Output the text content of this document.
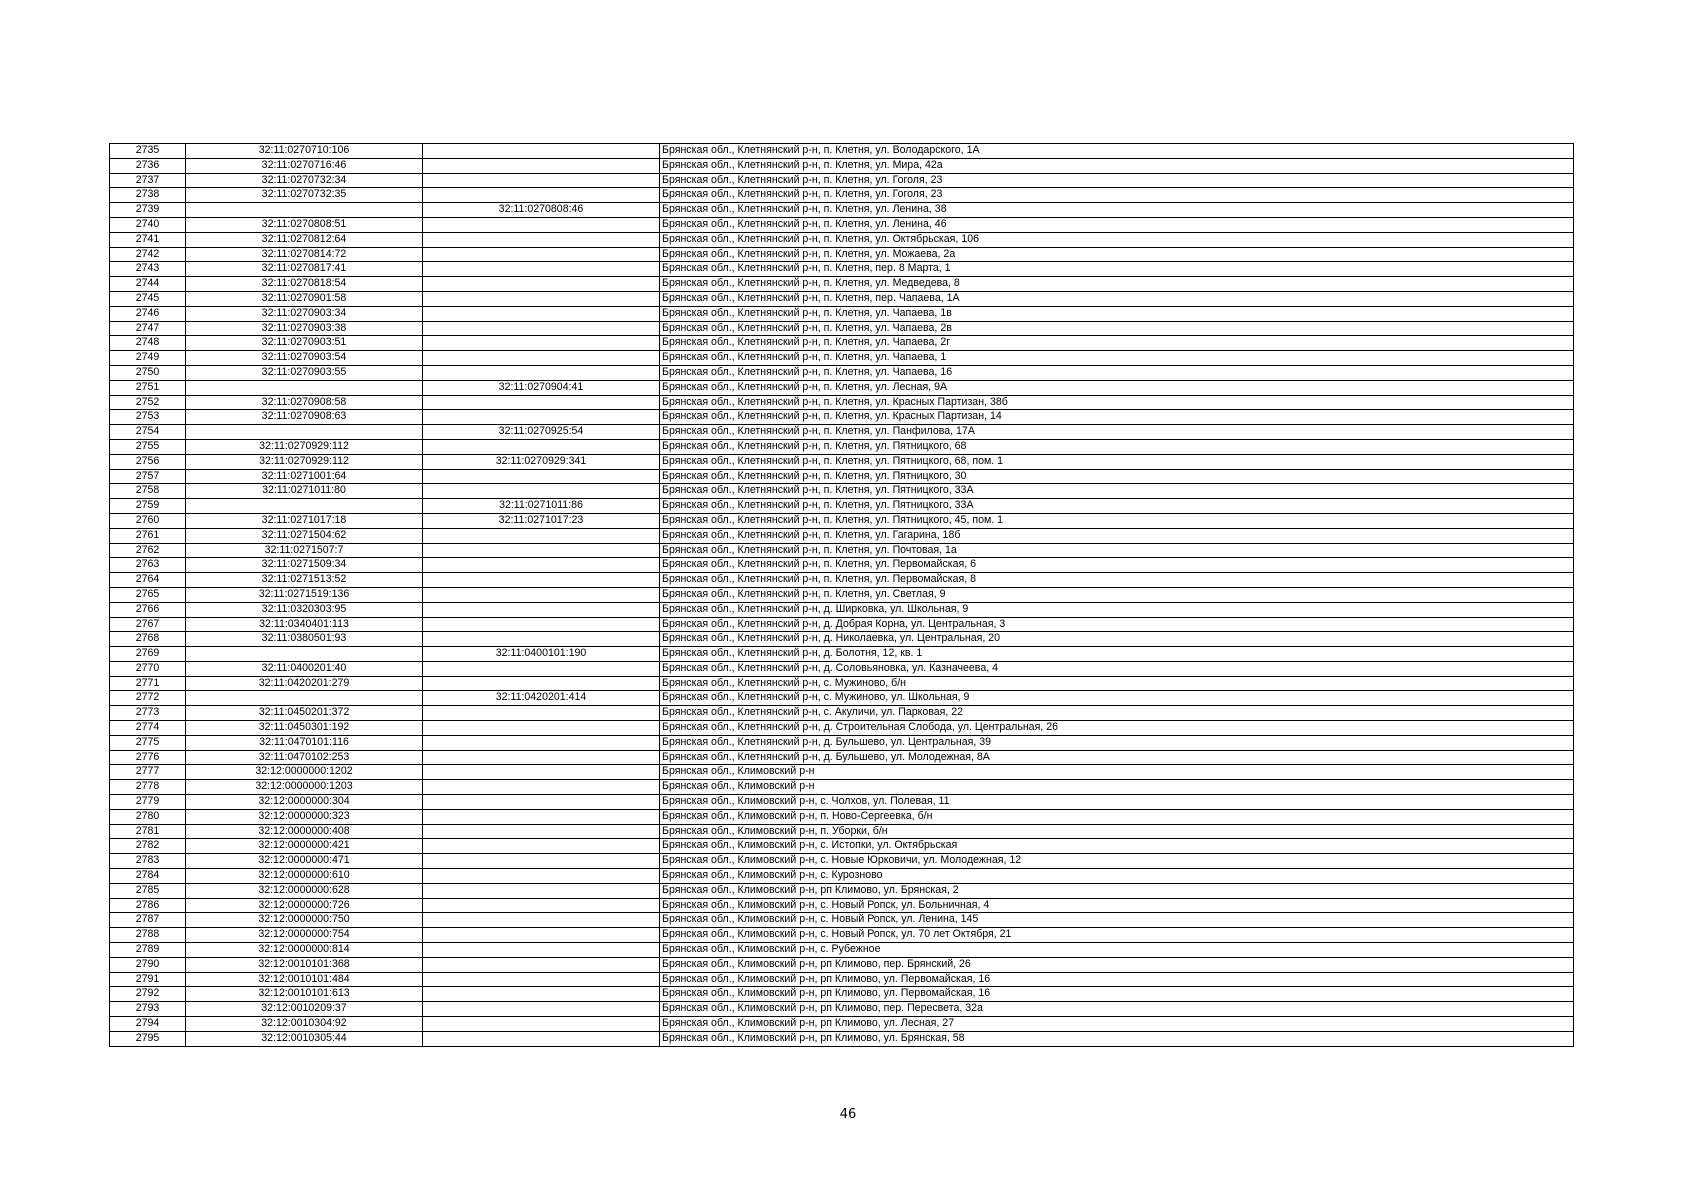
2735	32:11:0270710:106		Брянская обл., Клетнянский р-н, п. Клетня, ул. Володарского, 1А
2736	32:11:0270716:46		Брянская обл., Клетнянский р-н, п. Клетня, ул. Мира, 42а
2737	32:11:0270732:34		Брянская обл., Клетнянский р-н, п. Клетня, ул. Гоголя, 23
2738	32:11:0270732:35		Брянская обл., Клетнянский р-н, п. Клетня, ул. Гоголя, 23
2739		32:11:0270808:46	Брянская обл., Клетнянский р-н, п. Клетня, ул. Ленина, 38
2740	32:11:0270808:51		Брянская обл., Клетнянский р-н, п. Клетня, ул. Ленина, 46
2741	32:11:0270812:64		Брянская обл., Клетнянский р-н, п. Клетня, ул. Октябрьская, 106
2742	32:11:0270814:72		Брянская обл., Клетнянский р-н, п. Клетня, ул. Можаева, 2а
2743	32:11:0270817:41		Брянская обл., Клетнянский р-н, п. Клетня, пер. 8 Марта, 1
2744	32:11:0270818:54		Брянская обл., Клетнянский р-н, п. Клетня, ул. Медведева, 8
2745	32:11:0270901:58		Брянская обл., Клетнянский р-н, п. Клетня, пер. Чапаева, 1А
2746	32:11:0270903:34		Брянская обл., Клетнянский р-н, п. Клетня, ул. Чапаева, 1в
2747	32:11:0270903:38		Брянская обл., Клетнянский р-н, п. Клетня, ул. Чапаева, 2в
2748	32:11:0270903:51		Брянская обл., Клетнянский р-н, п. Клетня, ул. Чапаева, 2г
2749	32:11:0270903:54		Брянская обл., Клетнянский р-н, п. Клетня, ул. Чапаева, 1
2750	32:11:0270903:55		Брянская обл., Клетнянский р-н, п. Клетня, ул. Чапаева, 16
2751		32:11:0270904:41	Брянская обл., Клетнянский р-н, п. Клетня, ул. Лесная, 9А
2752	32:11:0270908:58		Брянская обл., Клетнянский р-н, п. Клетня, ул. Красных Партизан, 38б
2753	32:11:0270908:63		Брянская обл., Клетнянский р-н, п. Клетня, ул. Красных Партизан, 14
2754		32:11:0270925:54	Брянская обл., Клетнянский р-н, п. Клетня, ул. Панфилова, 17А
2755	32:11:0270929:112		Брянская обл., Клетнянский р-н, п. Клетня, ул. Пятницкого, 68
2756	32:11:0270929:112	32:11:0270929:341	Брянская обл., Клетнянский р-н, п. Клетня, ул. Пятницкого, 68, пом. 1
2757	32:11:0271001:64		Брянская обл., Клетнянский р-н, п. Клетня, ул. Пятницкого, 30
2758	32:11:0271011:80		Брянская обл., Клетнянский р-н, п. Клетня, ул. Пятницкого, 33А
2759		32:11:0271011:86	Брянская обл., Клетнянский р-н, п. Клетня, ул. Пятницкого, 33А
2760	32:11:0271017:18	32:11:0271017:23	Брянская обл., Клетнянский р-н, п. Клетня, ул. Пятницкого, 45, пом. 1
2761	32:11:0271504:62		Брянская обл., Клетнянский р-н, п. Клетня, ул. Гагарина, 18б
2762	32:11:0271507:7		Брянская обл., Клетнянский р-н, п. Клетня, ул. Почтовая, 1а
2763	32:11:0271509:34		Брянская обл., Клетнянский р-н, п. Клетня, ул. Первомайская, 6
2764	32:11:0271513:52		Брянская обл., Клетнянский р-н, п. Клетня, ул. Первомайская, 8
2765	32:11:0271519:136		Брянская обл., Клетнянский р-н, п. Клетня, ул. Светлая, 9
2766	32:11:0320303:95		Брянская обл., Клетнянский р-н, д. Ширковка, ул. Школьная, 9
2767	32:11:0340401:113		Брянская обл., Клетнянский р-н, д. Добрая Корна, ул. Центральная, 3
2768	32:11:0380501:93		Брянская обл., Клетнянский р-н, д. Николаевка, ул. Центральная, 20
2769		32:11:0400101:190	Брянская обл., Клетнянский р-н, д. Болотня, 12, кв. 1
2770	32:11:0400201:40		Брянская обл., Клетнянский р-н, д. Соловьяновка, ул. Казначеева, 4
2771	32:11:0420201:279		Брянская обл., Клетнянский р-н, с. Мужиново, б/н
2772		32:11:0420201:414	Брянская обл., Клетнянский р-н, с. Мужиново, ул. Школьная, 9
2773	32:11:0450201:372		Брянская обл., Клетнянский р-н, с. Акуличи, ул. Парковая, 22
2774	32:11:0450301:192		Брянская обл., Клетнянский р-н, д. Строительная Слобода, ул. Центральная, 26
2775	32:11:0470101:116		Брянская обл., Клетнянский р-н, д. Бульшево, ул. Центральная, 39
2776	32:11:0470102:253		Брянская обл., Клетнянский р-н, д. Бульшево, ул. Молодежная, 8А
2777	32:12:0000000:1202		Брянская обл., Климовский р-н
2778	32:12:0000000:1203		Брянская обл., Климовский р-н
2779	32:12:0000000:304		Брянская обл., Климовский р-н, с. Чолхов, ул. Полевая, 11
2780	32:12:0000000:323		Брянская обл., Климовский р-н, п. Ново-Сергеевка, б/н
2781	32:12:0000000:408		Брянская обл., Климовский р-н, п. Уборки, б/н
2782	32:12:0000000:421		Брянская обл., Климовский р-н, с. Истопки, ул. Октябрьская
2783	32:12:0000000:471		Брянская обл., Климовский р-н, с. Новые Юрковичи, ул. Молодежная, 12
2784	32:12:0000000:610		Брянская обл., Климовский р-н, с. Курозново
2785	32:12:0000000:628		Брянская обл., Климовский р-н, рп Климово, ул. Брянская, 2
2786	32:12:0000000:726		Брянская обл., Климовский р-н, с. Новый Ропск, ул. Больничная, 4
2787	32:12:0000000:750		Брянская обл., Климовский р-н, с. Новый Ропск, ул. Ленина, 145
2788	32:12:0000000:754		Брянская обл., Климовский р-н, с. Новый Ропск, ул. 70 лет Октября, 21
2789	32:12:0000000:814		Брянская обл., Климовский р-н, с. Рубежное
2790	32:12:0010101:368		Брянская обл., Климовский р-н, рп Климово, пер. Брянский, 26
2791	32:12:0010101:484		Брянская обл., Климовский р-н, рп Климово, ул. Первомайская, 16
2792	32:12:0010101:613		Брянская обл., Климовский р-н, рп Климово, ул. Первомайская, 16
2793	32:12:0010209:37		Брянская обл., Климовский р-н, рп Климово, пер. Пересвета, 32а
2794	32:12:0010304:92		Брянская обл., Климовский р-н, рп Климово, ул. Лесная, 27
2795	32:12:0010305:44		Брянская обл., Климовский р-н, рп Климово, ул. Брянская, 58
46
